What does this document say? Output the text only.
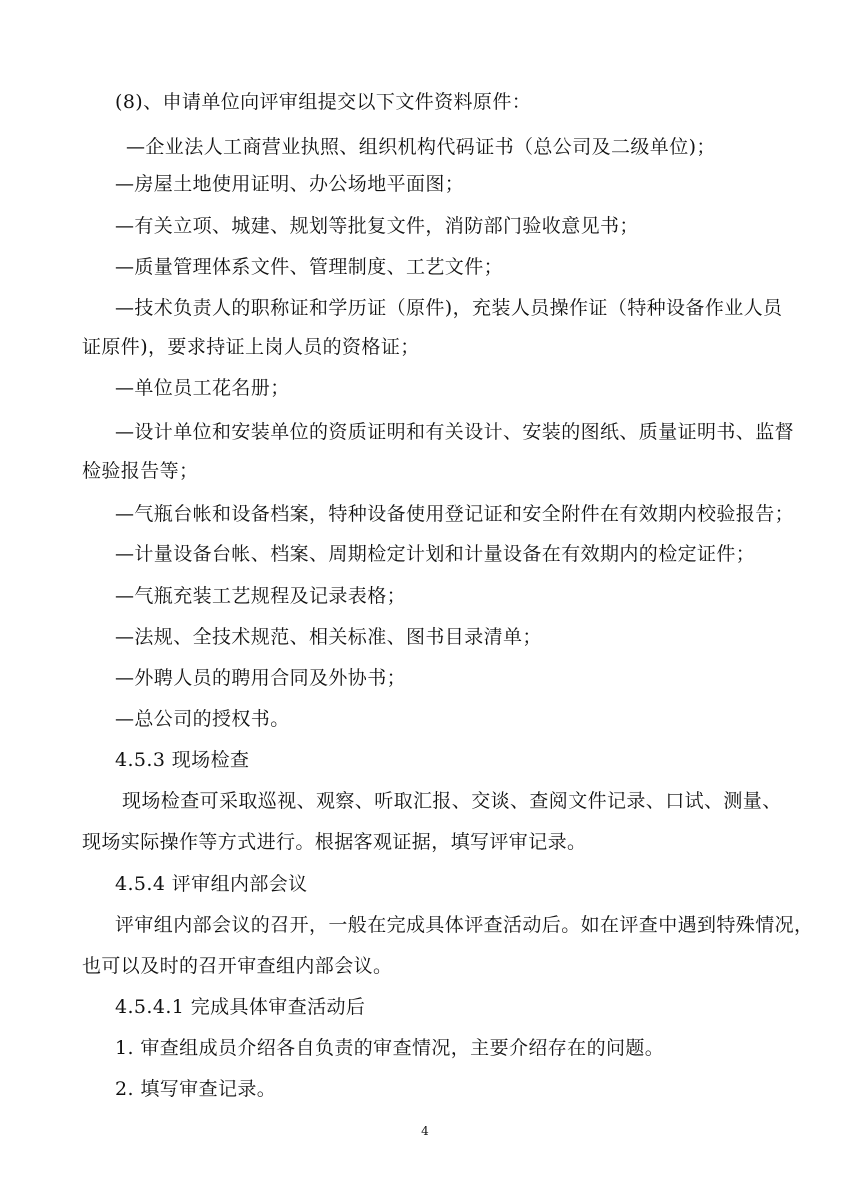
(8)、申请单位向评审组提交以下文件资料原件：
—企业法人工商营业执照、组织机构代码证书（总公司及二级单位)；
—房屋土地使用证明、办公场地平面图；
—有关立项、城建、规划等批复文件，消防部门验收意见书；
—质量管理体系文件、管理制度、工艺文件；
—技术负责人的职称证和学历证（原件)，充装人员操作证（特种设备作业人员
证原件)，要求持证上岗人员的资格证；
—单位员工花名册；
—设计单位和安装单位的资质证明和有关设计、安装的图纸、质量证明书、监督
检验报告等；
—气瓶台帐和设备档案，特种设备使用登记证和安全附件在有效期内校验报告；
—计量设备台帐、档案、周期检定计划和计量设备在有效期内的检定证件；
—气瓶充装工艺规程及记录表格；
—法规、全技术规范、相关标准、图书目录清单；
—外聘人员的聘用合同及外协书；
—总公司的授权书。
4.5.3 现场检查
现场检查可采取巡视、观察、听取汇报、交谈、查阅文件记录、口试、测量、
现场实际操作等方式进行。根据客观证据，填写评审记录。
4.5.4 评审组内部会议
评审组内部会议的召开，一般在完成具体评查活动后。如在评查中遇到特殊情况，
也可以及时的召开审查组内部会议。
4.5.4.1 完成具体审查活动后
1. 审查组成员介绍各自负责的审查情况，主要介绍存在的问题。
2. 填写审查记录。
4
